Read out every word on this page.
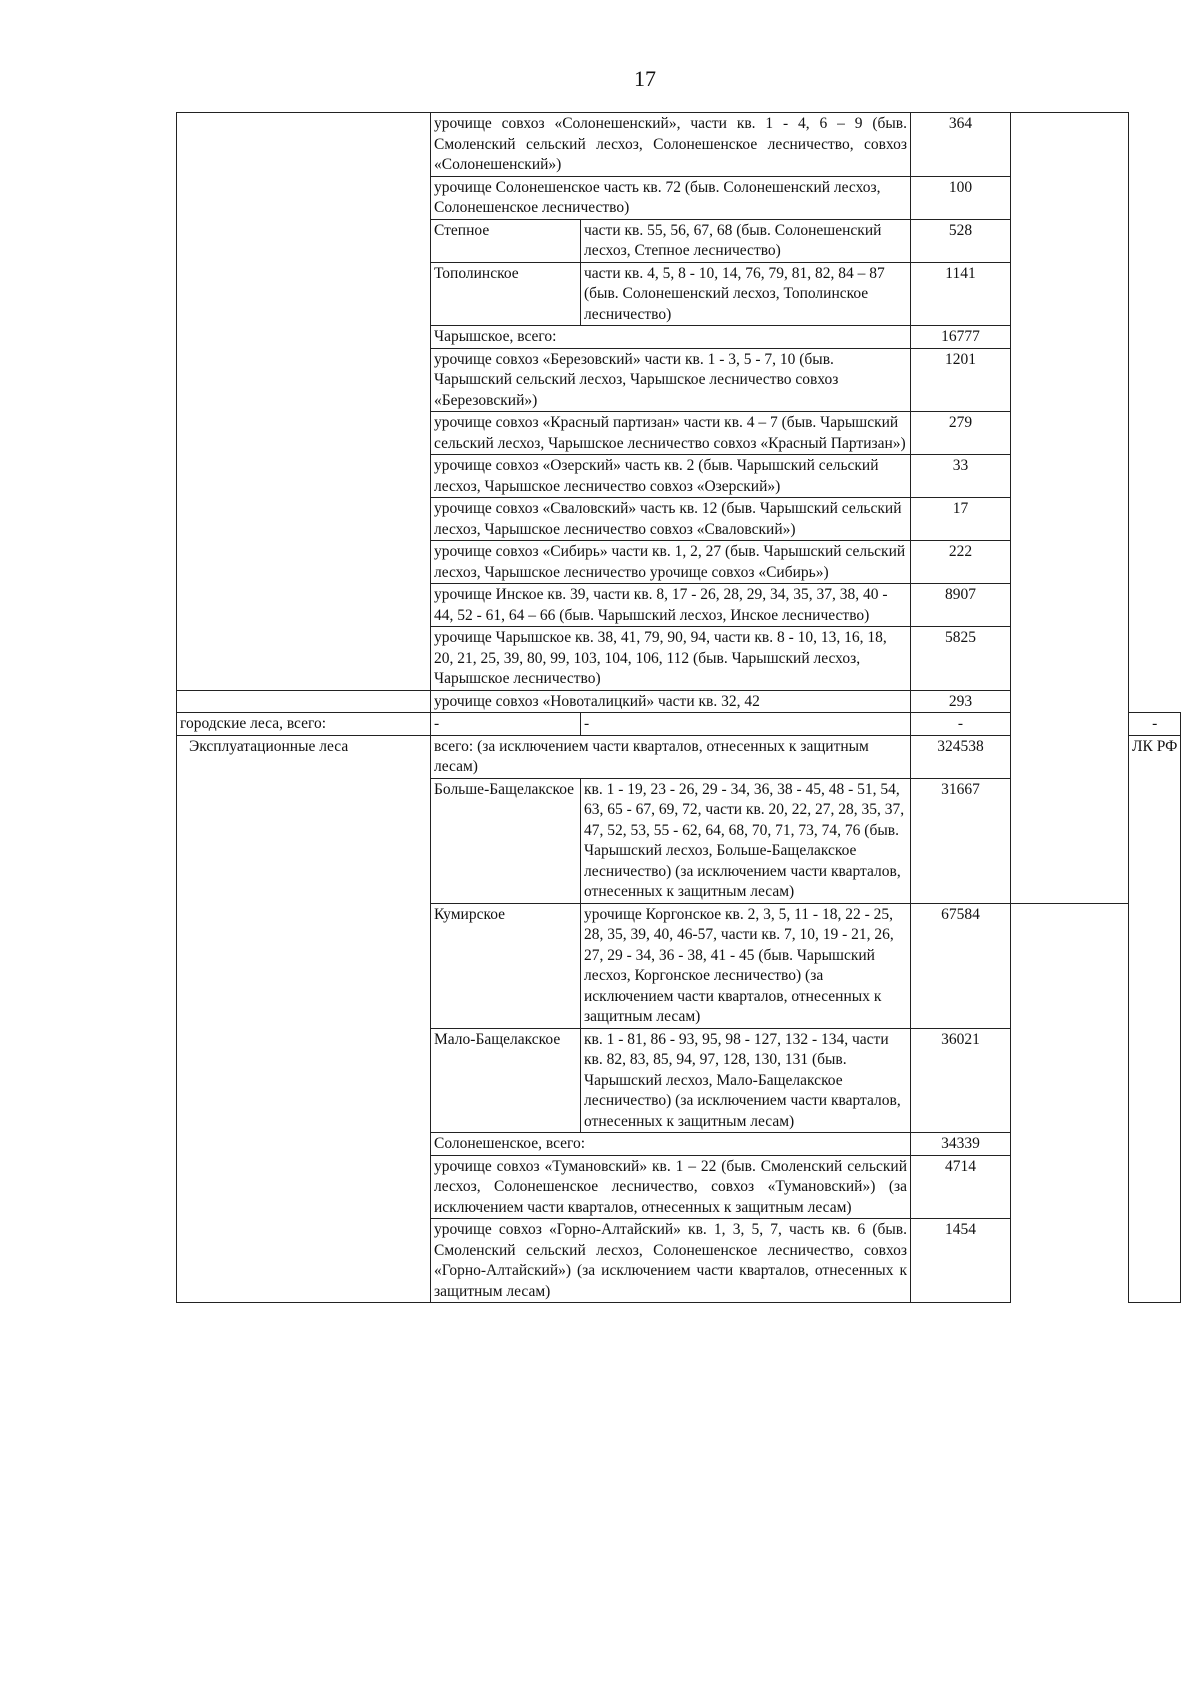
17
	урочище совхоз «Солонешенский», части кв. 1 - 4, 6 – 9 (быв. Смоленский сельский лесхоз, Солонешенское лесничество, совхоз «Солонешенский»)		364		
	урочище Солонешенское часть кв. 72 (быв. Солонешенский лесхоз, Солонешенское лесничество)		100		
	Степное	части кв. 55, 56, 67, 68 (быв. Солонешенский лесхоз, Степное лесничество)	528		
	Тополинское	части кв. 4, 5, 8 - 10, 14, 76, 79, 81, 82, 84 – 87 (быв. Солонешенский лесхоз, Тополинское лесничество)	1141		
	Чарышское, всего:		16777		
	урочище совхоз «Березовский» части кв. 1 - 3, 5 - 7, 10 (быв. Чарышский сельский лесхоз, Чарышское лесничество совхоз «Березовский»)		1201		
	урочище совхоз «Красный партизан» части кв. 4 – 7 (быв. Чарышский сельский лесхоз, Чарышское лесничество совхоз «Красный Партизан»)		279		
	урочище совхоз «Озерский» часть кв. 2 (быв. Чарышский сельский лесхоз, Чарышское лесничество совхоз «Озерский»)		33		
	урочище совхоз «Сваловский» часть кв. 12 (быв. Чарышский сельский лесхоз, Чарышское лесничество совхоз «Сваловский»)		17		
	урочище совхоз «Сибирь» части кв. 1, 2, 27 (быв. Чарышский сельский лесхоз, Чарышское лесничество урочище совхоз «Сибирь»)		222		
	урочище Инское кв. 39, части кв. 8, 17 - 26, 28, 29, 34, 35, 37, 38, 40 - 44, 52 - 61, 64 – 66 (быв. Чарышский лесхоз, Инское лесничество)		8907		
	урочище Чарышское кв. 38, 41, 79, 90, 94, части кв. 8 - 10, 13, 16, 18, 20, 21, 25, 39, 80, 99, 103, 104, 106, 112 (быв. Чарышский лесхоз, Чарышское лесничество)		5825		
	урочище совхоз «Новоталицкий» части кв. 32, 42		293		
городские леса, всего:	-	-	-		-
Эксплуатационные леса	всего: (за исключением части кварталов, отнесенных к защитным лесам)		324538		ЛК РФ
	Больше-Бащелакское	кв. 1 - 19, 23 - 26, 29 - 34, 36, 38 - 45, 48 - 51, 54, 63, 65 - 67, 69, 72, части кв. 20, 22, 27, 28, 35, 37, 47, 52, 53, 55 - 62, 64, 68, 70, 71, 73, 74, 76 (быв. Чарышский лесхоз, Больше-Бащелакское лесничество) (за исключением части кварталов, отнесенных к защитным лесам)	31667		
	Кумирское	урочище Коргонское кв. 2, 3, 5, 11 - 18, 22 - 25, 28, 35, 39, 40, 46-57, части кв. 7, 10, 19 - 21, 26, 27, 29 - 34, 36 - 38, 41 - 45 (быв. Чарышский лесхоз, Коргонское лесничество) (за исключением части кварталов, отнесенных к защитным лесам)	67584		
	Мало-Бащелакское	кв. 1 - 81, 86 - 93, 95, 98 - 127, 132 - 134, части кв. 82, 83, 85, 94, 97, 128, 130, 131 (быв. Чарышский лесхоз, Мало-Бащелакское лесничество) (за исключением части кварталов, отнесенных к защитным лесам)	36021		
	Солонешенское, всего:		34339		
	урочище совхоз «Тумановский» кв. 1 – 22 (быв. Смоленский сельский лесхоз, Солонешенское лесничество, совхоз «Тумановский») (за исключением части кварталов, отнесенных к защитным лесам)		4714		
	урочище совхоз «Горно-Алтайский» кв. 1, 3, 5, 7, часть кв. 6 (быв. Смоленский сельский лесхоз, Солонешенское лесничество, совхоз «Горно-Алтайский») (за исключением части кварталов, отнесенных к защитным лесам)		1454		
